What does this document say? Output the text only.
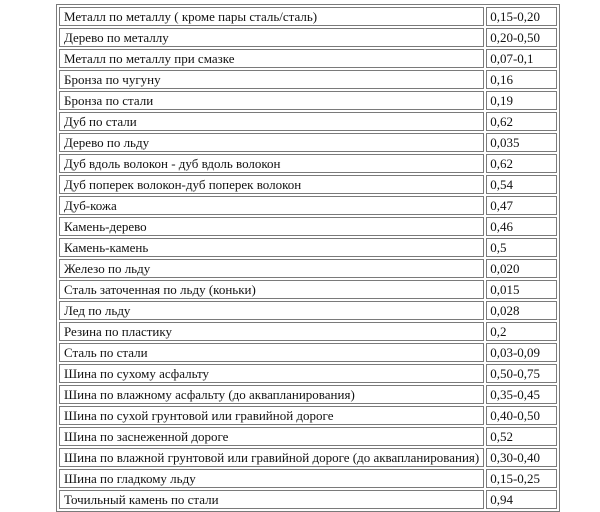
Металл по металлу ( кроме пары сталь/сталь)	0,15-0,20
Дерево по металлу	0,20-0,50
Металл по металлу при смазке	0,07-0,1
Бронза по чугуну	0,16
Бронза по стали	0,19
Дуб по стали	0,62
Дерево по льду	0,035
Дуб вдоль волокон - дуб вдоль волокон	0,62
Дуб поперек волокон-дуб поперек волокон	0,54
Дуб-кожа	0,47
Камень-дерево	0,46
Камень-камень	0,5
Железо по льду	0,020
Сталь заточенная по льду (коньки)	0,015
Лед по льду	0,028
Резина по пластику	0,2
Сталь по стали	0,03-0,09
Шина по сухому асфальту	0,50-0,75
Шина по влажному асфальту (до аквапланирования)	0,35-0,45
Шина по сухой грунтовой или гравийной дороге	0,40-0,50
Шина по заснеженной дороге	0,52
Шина по влажной грунтовой или гравийной дороге (до аквапланирования)	0,30-0,40
Шина по гладкому льду	0,15-0,25
Точильный камень по стали	0,94
